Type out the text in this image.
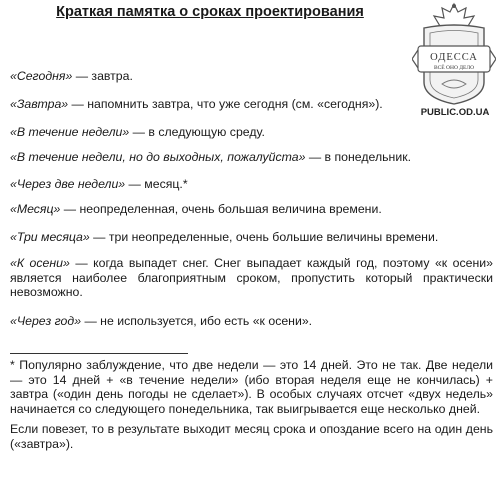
Краткая памятка о сроках проектирования
ОДЕССА
ВСЁ ОНО ДЕЛО
PUBLIC.OD.UA

«Сегодня» — завтра.

«Завтра» — напомнить завтра, что уже сегодня (см. «сегодня»).

«В течение недели» — в следующую среду.

«В течение недели, но до выходных, пожалуйста» — в понедельник.

«Через две недели» — месяц.*

«Месяц» — неопределенная, очень большая величина времени.

«Три месяца» — три неопределенные, очень большие величины времени.

«К осени» — когда выпадет снег. Снег выпадает каждый год, поэтому «к осени» является наиболее благоприятным сроком, пропустить который практически невозможно.

«Через год» — не используется, ибо есть «к осени».

* Популярно заблуждение, что две недели — это 14 дней. Это не так. Две недели — это 14 дней + «в течение недели» (ибо вторая неделя еще не кончилась) + завтра («один день погоды не сделает»). В особых случаях отсчет «двух недель» начинается со следующего понедельника, так выигрывается еще несколько дней.

Если повезет, то в результате выходит месяц срока и опоздание всего на один день («завтра»).
